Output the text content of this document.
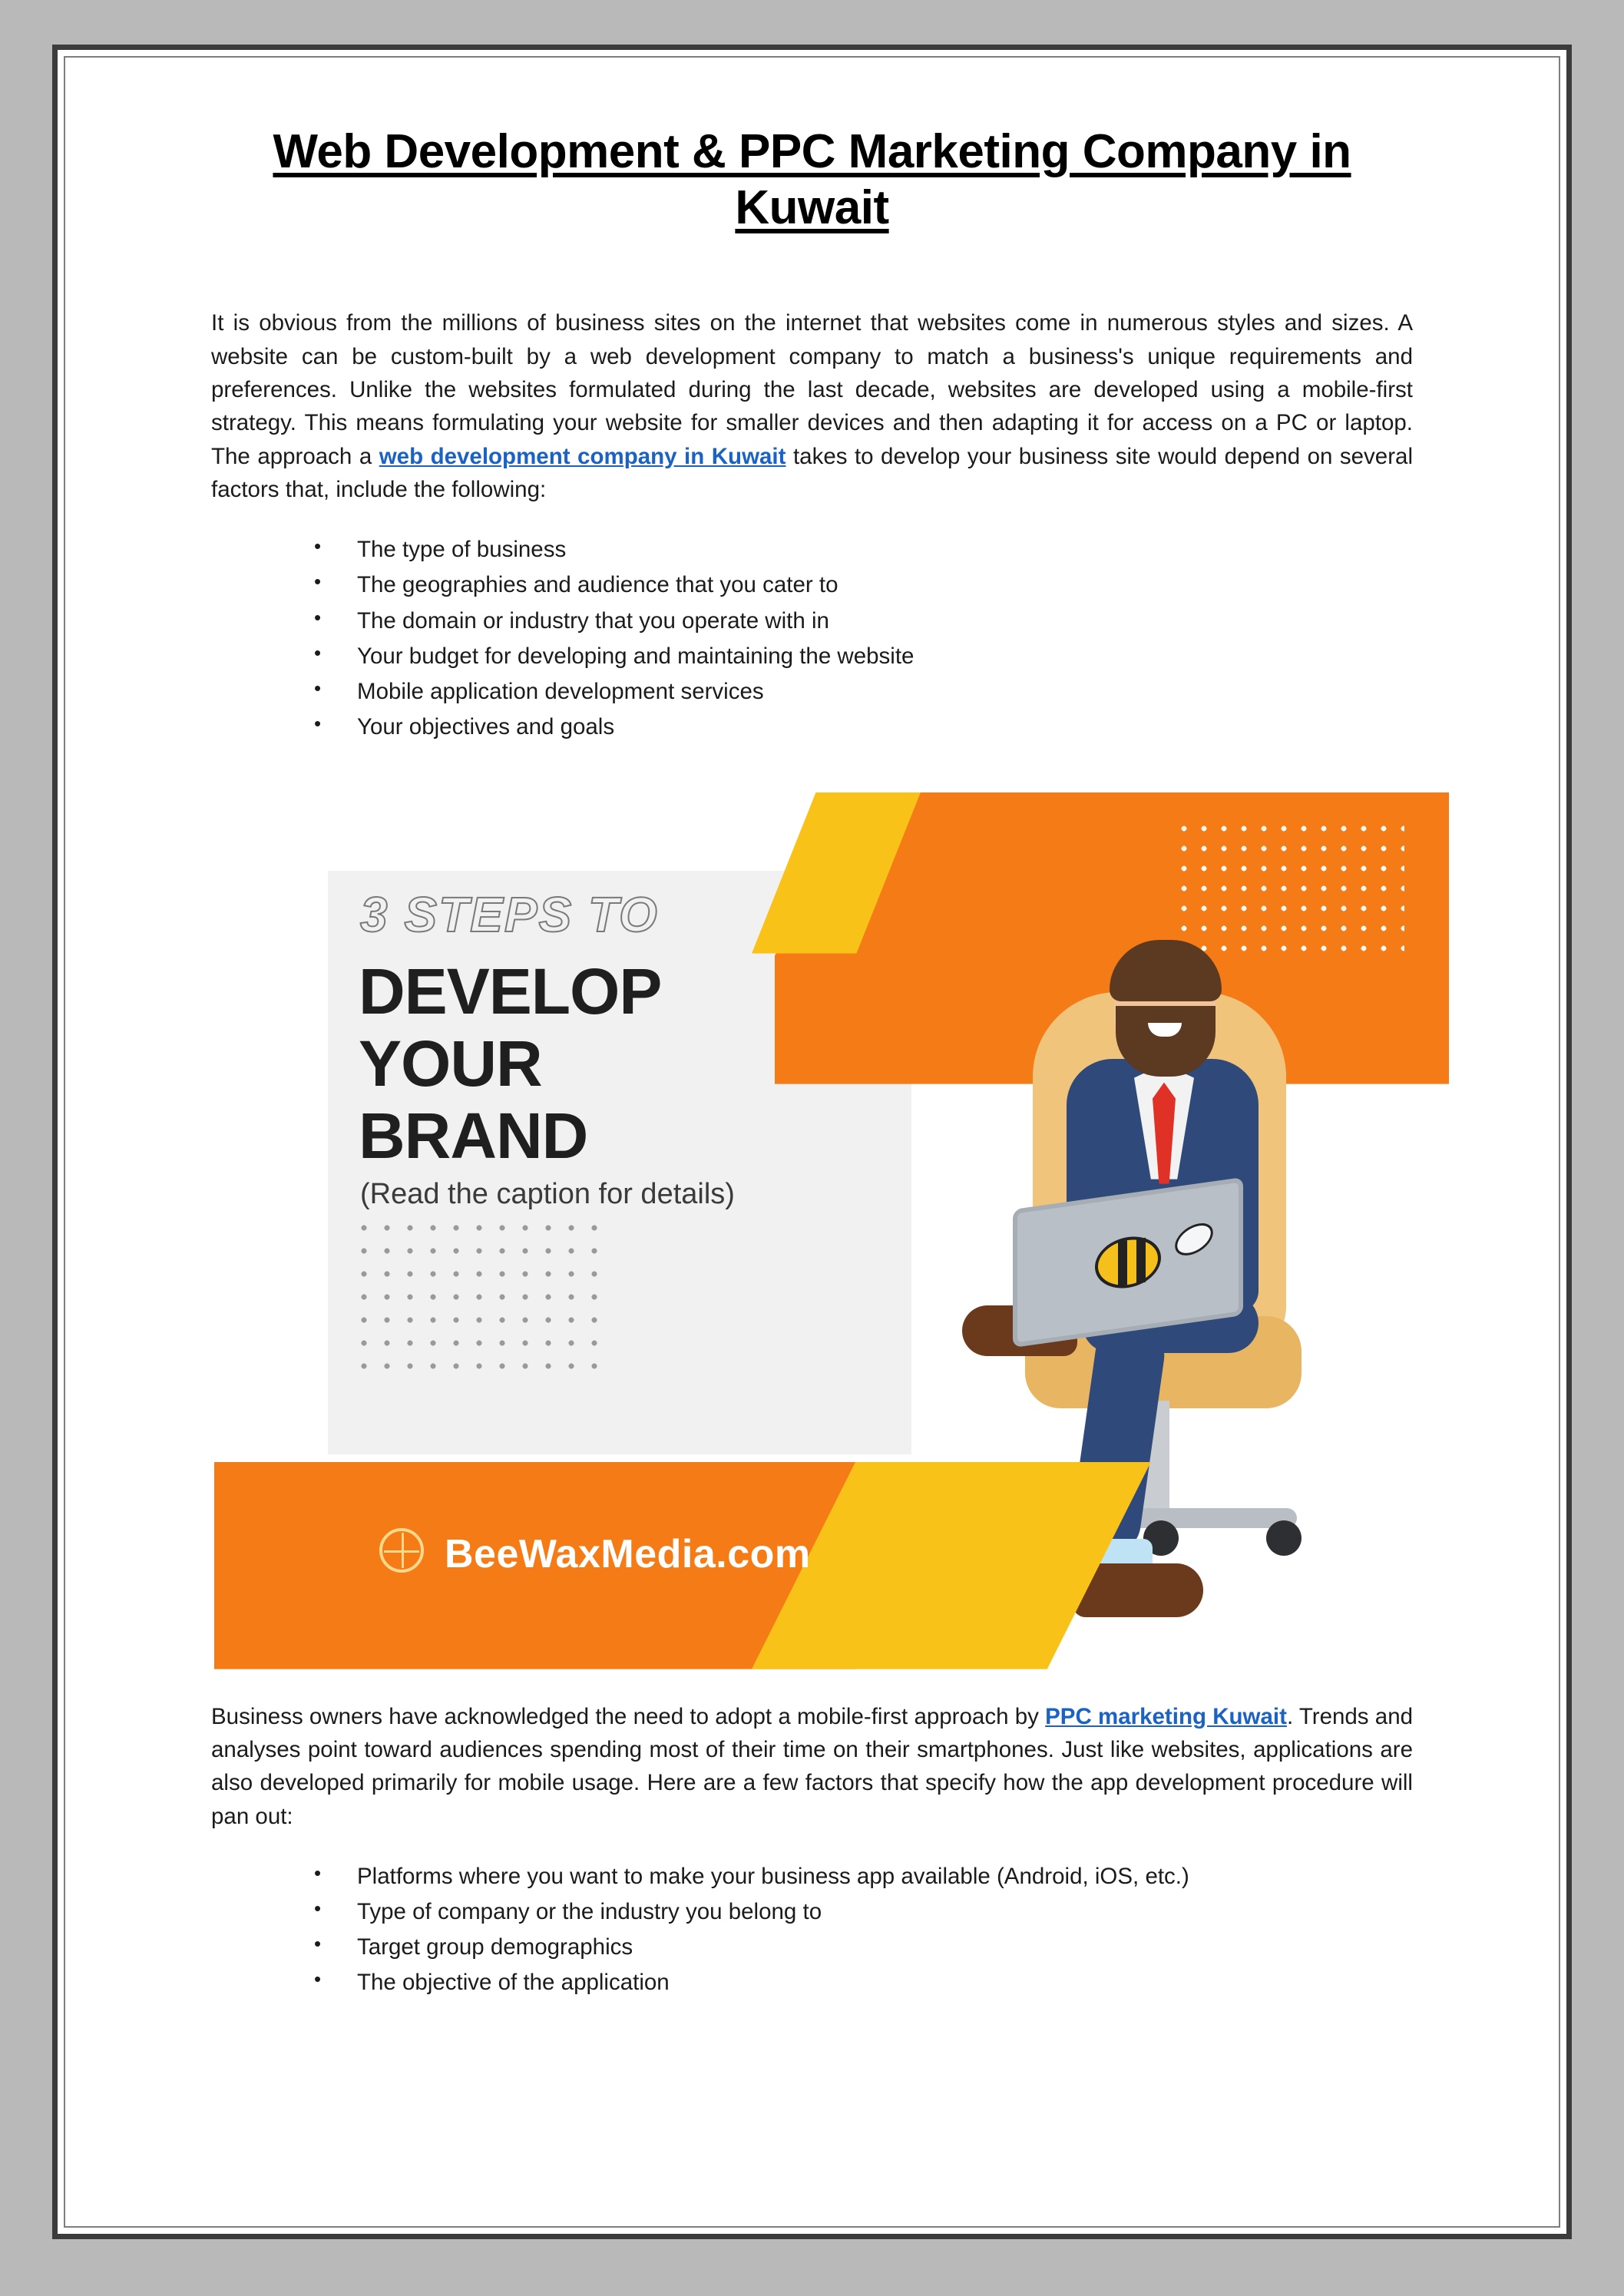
Web Development & PPC Marketing Company in Kuwait

It is obvious from the millions of business sites on the internet that websites come in numerous styles and sizes. A website can be custom-built by a web development company to match a business's unique requirements and preferences. Unlike the websites formulated during the last decade, websites are developed using a mobile-first strategy. This means formulating your website for smaller devices and then adapting it for access on a PC or laptop. The approach a web development company in Kuwait takes to develop your business site would depend on several factors that, include the following:

• The type of business
• The geographies and audience that you cater to
• The domain or industry that you operate with in
• Your budget for developing and maintaining the website
• Mobile application development services
• Your objectives and goals
3 STEPS TO
DEVELOP
YOUR
BRAND
(Read the caption for details)
BeeWaxMedia.com

Business owners have acknowledged the need to adopt a mobile-first approach by PPC marketing Kuwait. Trends and analyses point toward audiences spending most of their time on their smartphones. Just like websites, applications are also developed primarily for mobile usage. Here are a few factors that specify how the app development procedure will pan out:

• Platforms where you want to make your business app available (Android, iOS, etc.)
• Type of company or the industry you belong to
• Target group demographics
• The objective of the application
